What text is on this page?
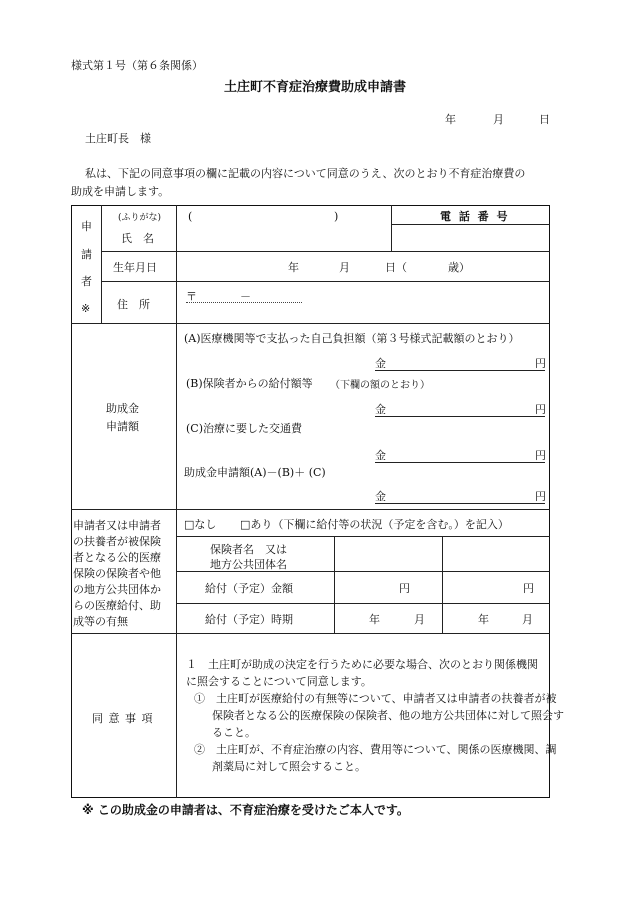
様式第１号（第６条関係）
土庄町不育症治療費助成申請書
年	月	日
土庄町長　様
私は、下記の同意事項の欄に記載の内容について同意のうえ、次のとおり不育症治療費の
助成を申請します。
申
請
者
※
(ふりがな)
氏　名
(	)	電 話 番 号
生年月日	年	月	日（	歳）
住　所
〒	－
助成金
申請額
(A)医療機関等で支払った自己負担額（第３号様式記載額のとおり）
金	円
(B)保険者からの給付額等 （下欄の額のとおり）
金	円
(C)治療に要した交通費
金	円
助成金申請額(A)－(B)＋ (C)
金	円
申請者又は申請者
の扶養者が被保険
者となる公的医療
保険の保険者や他
の地方公共団体か
らの医療給付、助
成等の有無
□なし □あり（下欄に給付等の状況（予定を含む。）を記入）
保険者名　又は
地方公共団体名
給付（予定）金額	円	円
給付（予定）時期	年	月	年	月
同 意 事 項
１　土庄町が助成の決定を行うために必要な場合、次のとおり関係機関に照会することについて同意します。
①　土庄町が医療給付の有無等について、申請者又は申請者の扶養者が被保険者となる公的医療保険の保険者、他の地方公共団体に対して照会すること。
②　土庄町が、不育症治療の内容、費用等について、関係の医療機関、調剤薬局に対して照会すること。
※ この助成金の申請者は、不育症治療を受けたご本人です。
